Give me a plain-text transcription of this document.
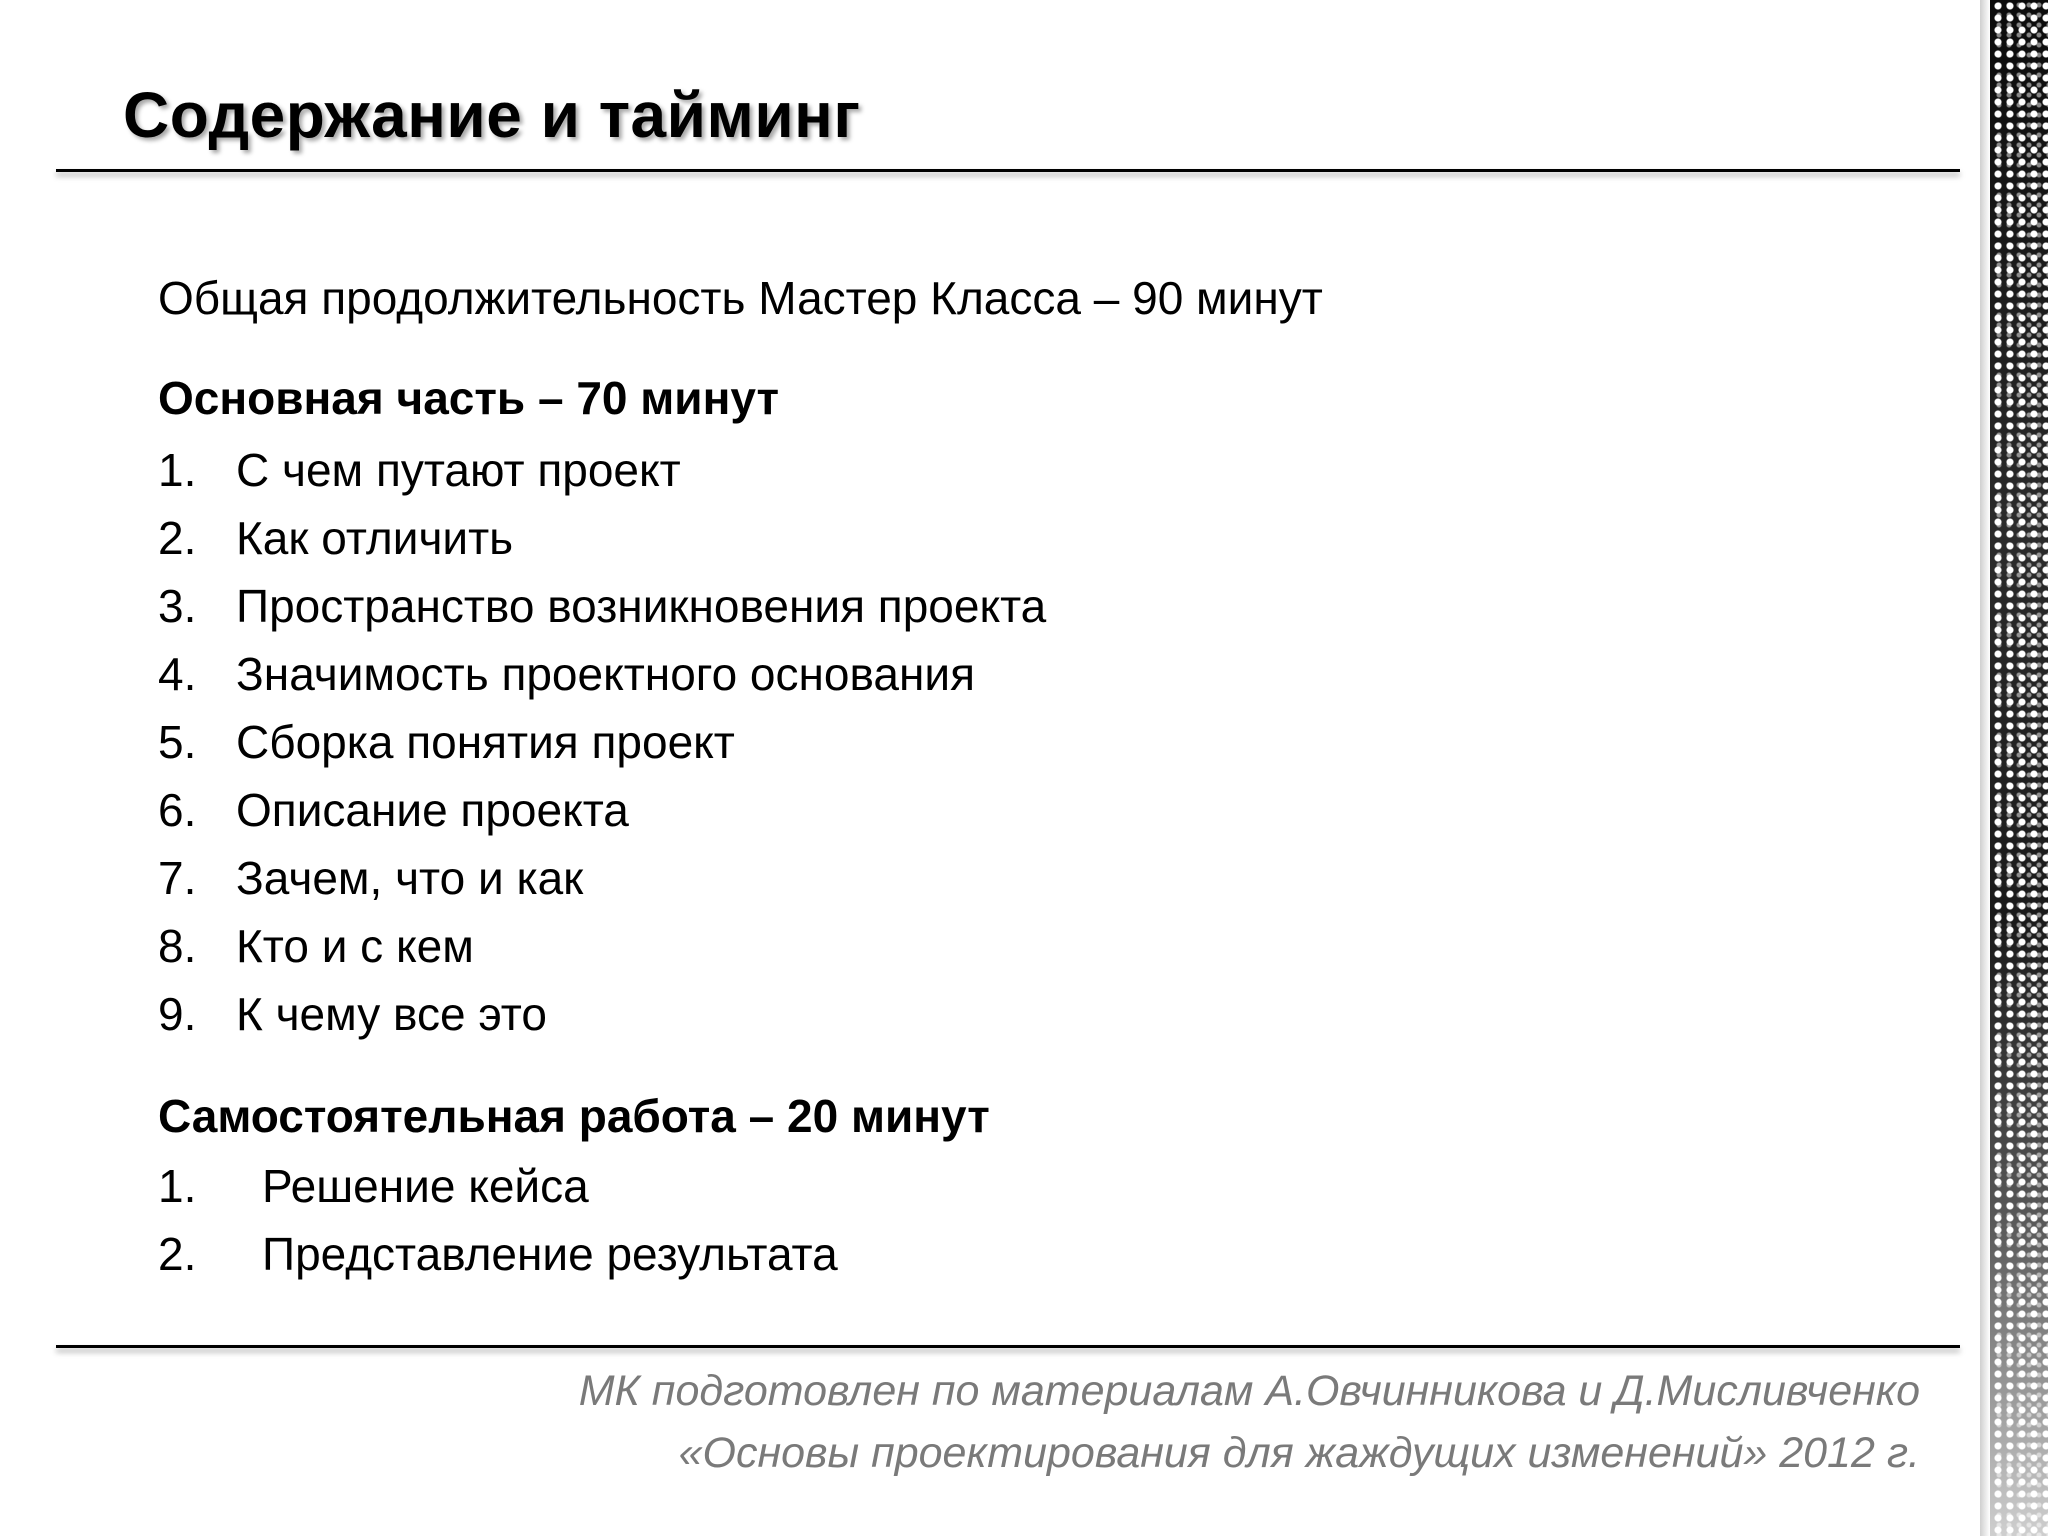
Содержание и тайминг

Общая продолжительность Мастер Класса – 90 минут

Основная часть – 70 минут

1. С чем путают проект
2. Как отличить
3. Пространство возникновения проекта
4. Значимость проектного основания
5. Сборка понятия проект
6. Описание проекта
7. Зачем, что и как
8. Кто и с кем
9. К чему все это

Самостоятельная работа – 20 минут

1.	Решение кейса
2.	Представление результата
МК подготовлен по материалам А.Овчинникова и Д.Мисливченко
«Основы проектирования для жаждущих изменений» 2012 г.
